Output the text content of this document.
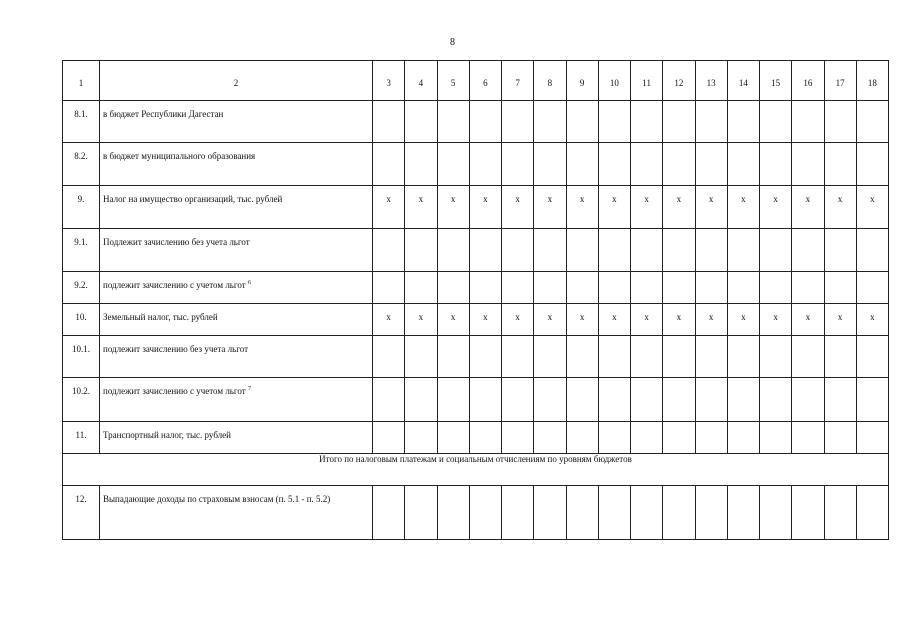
8
1	2	3	4	5	6	7	8	9	10	11	12	13	14	15	16	17	18
8.1.	в бюджет Республики Дагестан																
8.2.	в бюджет муниципального образования																
9.	Налог на имущество организаций, тыс. рублей	x	x	x	x	x	x	x	x	x	x	x	x	x	x	x	x
9.1.	Подлежит зачислению без учета льгот																
9.2.	подлежит зачислению с учетом льгот $^6$																
10.	Земельный налог, тыс. рублей	x	x	x	x	x	x	x	x	x	x	x	x	x	x	x	x
10.1.	подлежит зачислению без учета льгот																
10.2.	подлежит зачислению с учетом льгот $^7$																
11.	Транспортный налог, тыс. рублей																
Итого по налоговым платежам и социальным отчислениям по уровням бюджетов																	
12.	Выпадающие доходы по страховым взносам (п. 5.1 - п. 5.2)																
